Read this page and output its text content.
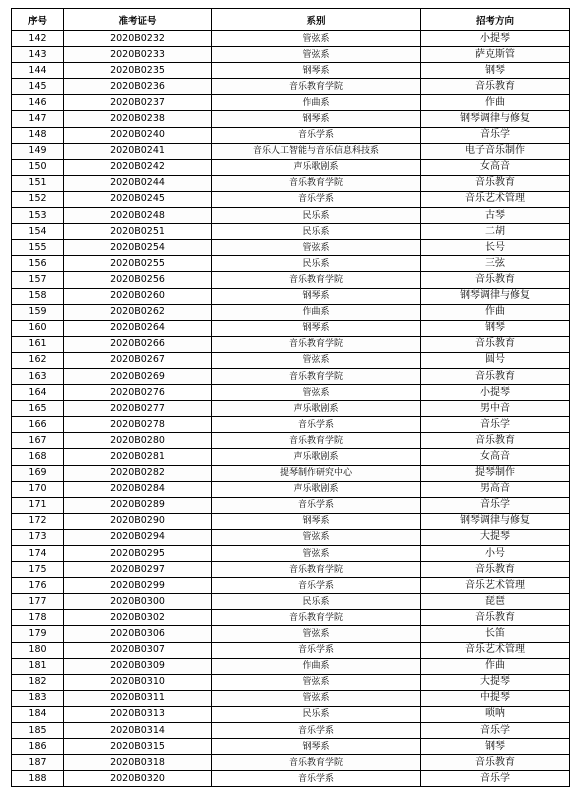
序号	准考证号	系别	招考方向
142	2020B0232	管弦系	小提琴
143	2020B0233	管弦系	萨克斯管
144	2020B0235	钢琴系	钢琴
145	2020B0236	音乐教育学院	音乐教育
146	2020B0237	作曲系	作曲
147	2020B0238	钢琴系	钢琴调律与修复
148	2020B0240	音乐学系	音乐学
149	2020B0241	音乐人工智能与音乐信息科技系	电子音乐制作
150	2020B0242	声乐歌剧系	女高音
151	2020B0244	音乐教育学院	音乐教育
152	2020B0245	音乐学系	音乐艺术管理
153	2020B0248	民乐系	古琴
154	2020B0251	民乐系	二胡
155	2020B0254	管弦系	长号
156	2020B0255	民乐系	三弦
157	2020B0256	音乐教育学院	音乐教育
158	2020B0260	钢琴系	钢琴调律与修复
159	2020B0262	作曲系	作曲
160	2020B0264	钢琴系	钢琴
161	2020B0266	音乐教育学院	音乐教育
162	2020B0267	管弦系	圆号
163	2020B0269	音乐教育学院	音乐教育
164	2020B0276	管弦系	小提琴
165	2020B0277	声乐歌剧系	男中音
166	2020B0278	音乐学系	音乐学
167	2020B0280	音乐教育学院	音乐教育
168	2020B0281	声乐歌剧系	女高音
169	2020B0282	提琴制作研究中心	提琴制作
170	2020B0284	声乐歌剧系	男高音
171	2020B0289	音乐学系	音乐学
172	2020B0290	钢琴系	钢琴调律与修复
173	2020B0294	管弦系	大提琴
174	2020B0295	管弦系	小号
175	2020B0297	音乐教育学院	音乐教育
176	2020B0299	音乐学系	音乐艺术管理
177	2020B0300	民乐系	琵琶
178	2020B0302	音乐教育学院	音乐教育
179	2020B0306	管弦系	长笛
180	2020B0307	音乐学系	音乐艺术管理
181	2020B0309	作曲系	作曲
182	2020B0310	管弦系	大提琴
183	2020B0311	管弦系	中提琴
184	2020B0313	民乐系	唢呐
185	2020B0314	音乐学系	音乐学
186	2020B0315	钢琴系	钢琴
187	2020B0318	音乐教育学院	音乐教育
188	2020B0320	音乐学系	音乐学
